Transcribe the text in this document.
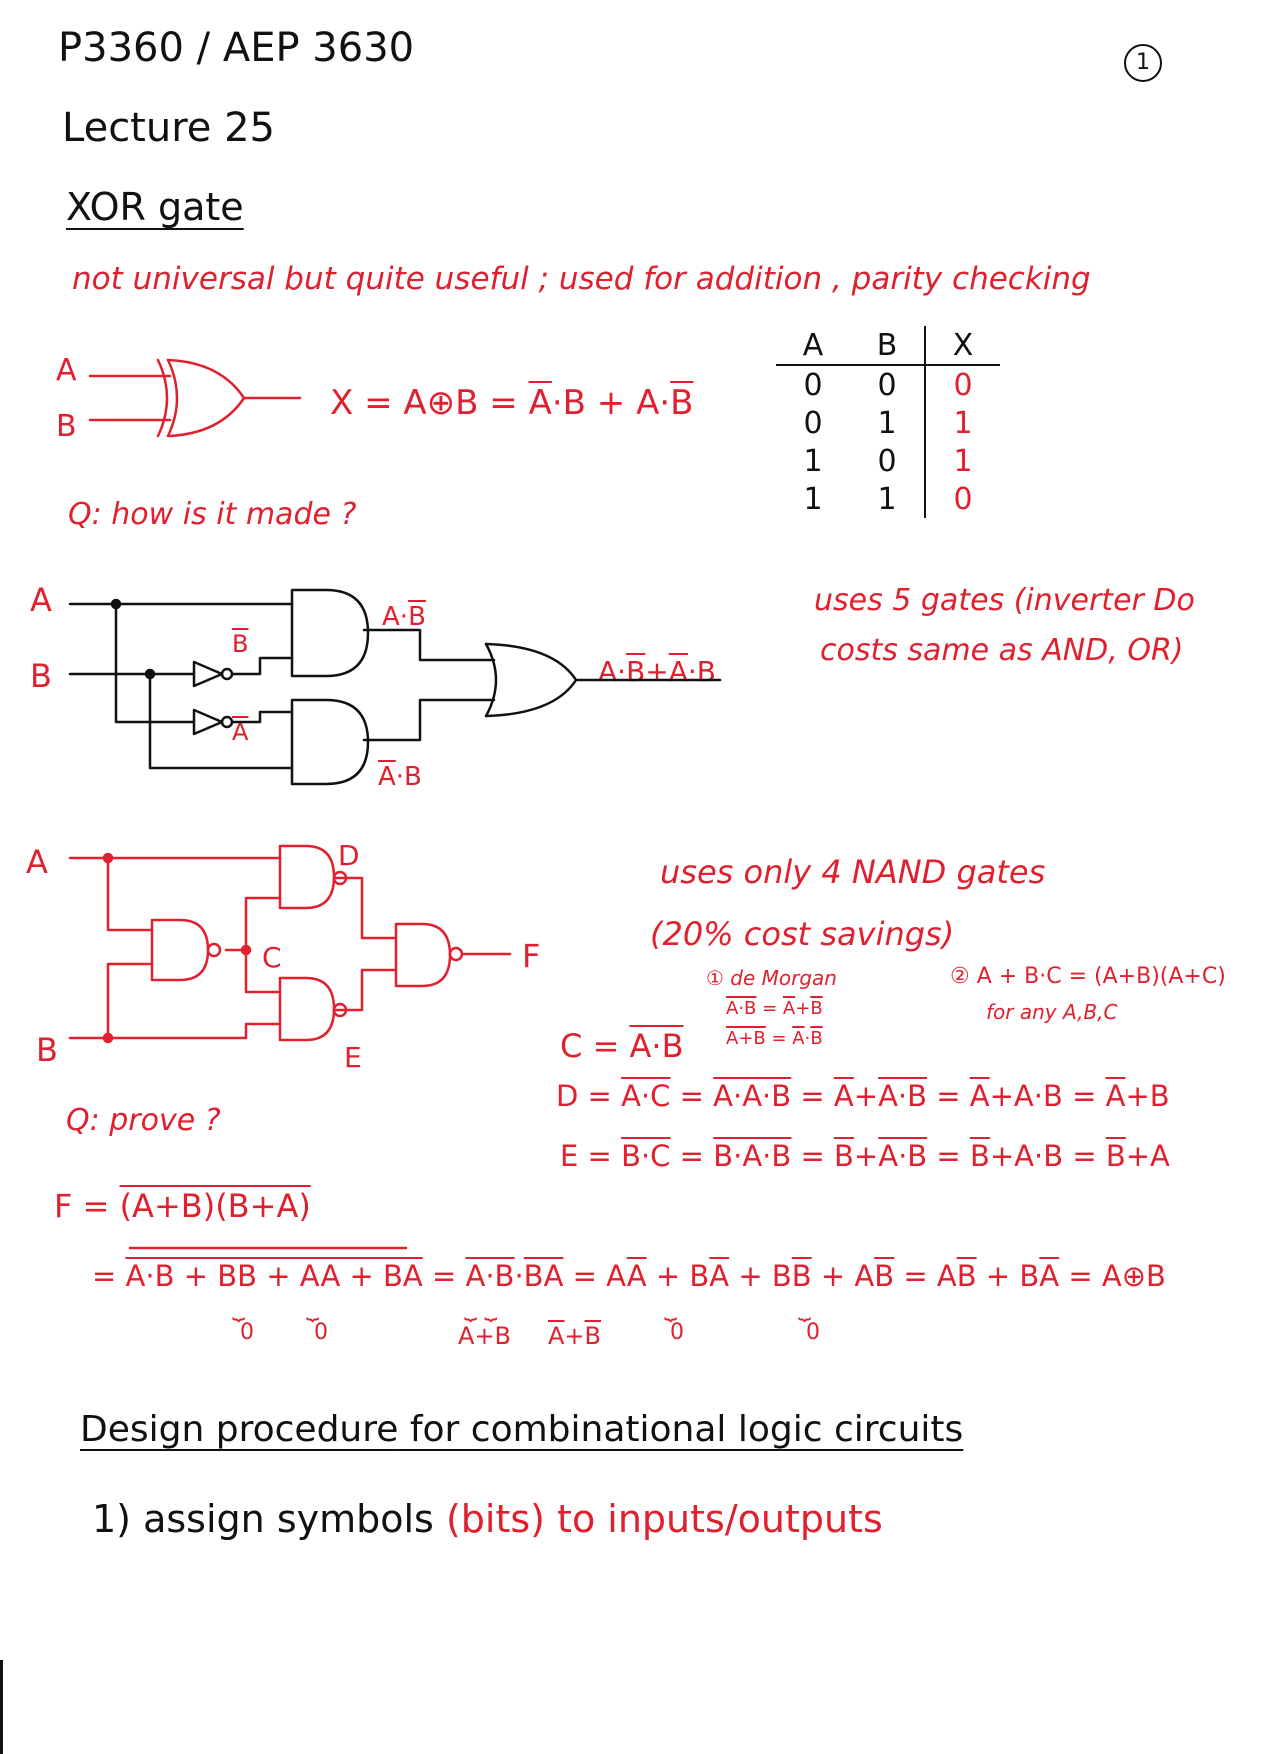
P3360 / AEP 3630	1
Lecture 25
XOR gate
not universal but quite useful ; used for addition , parity checking
A
B
X = A⊕B = $\overline{A}\cdot B + A\cdot\overline{B}$
A	B	X
0	0	0
0	1	1
1	0	1
1	1	0
Q: how is it made ?
A
B
$\overline{B}$
$\overline{A}$
$A\cdot\overline{B}$
$\overline{A}\cdot B$
$A\cdot\overline{B}+\overline{A}\cdot B$
uses 5 gates (inverter Do
costs same as AND, OR)
A
B
C
D
E
F
uses only 4 NAND gates
(20% cost savings)
① de Morgan
$A\cdot B = \overline{A}+\overline{B}$
$A+B = \overline{A}\cdot\overline{B}$
② A + B·C = (A+B)(A+C)
for any A,B,C
C = A·B
$D = A\cdot C = A\cdot A\cdot B = \overline{A}+A\cdot B = \overline{A}+A\cdot B = \overline{A}+B$
$E = B\cdot C = B\cdot A\cdot B = \overline{B}+A\cdot B = \overline{B}+A\cdot B = \overline{B}+A$
Q: prove ?
F = (A+B)(B+A)
= A·B + BB + AA + BA = $A\cdot B\cdot\overline{BA} = A\overline{A} + B\overline{A} + B\overline{B} + A\overline{B} = A\overline{B} + B\overline{A}$ = A⊕B
⏟
0
⏟
0
⏟
0
⏟
0
⏟ ⏟
A+B $\overline{A}+\overline{B}$
Design procedure for combinational logic circuits
1) assign symbols (bits) to inputs/outputs
